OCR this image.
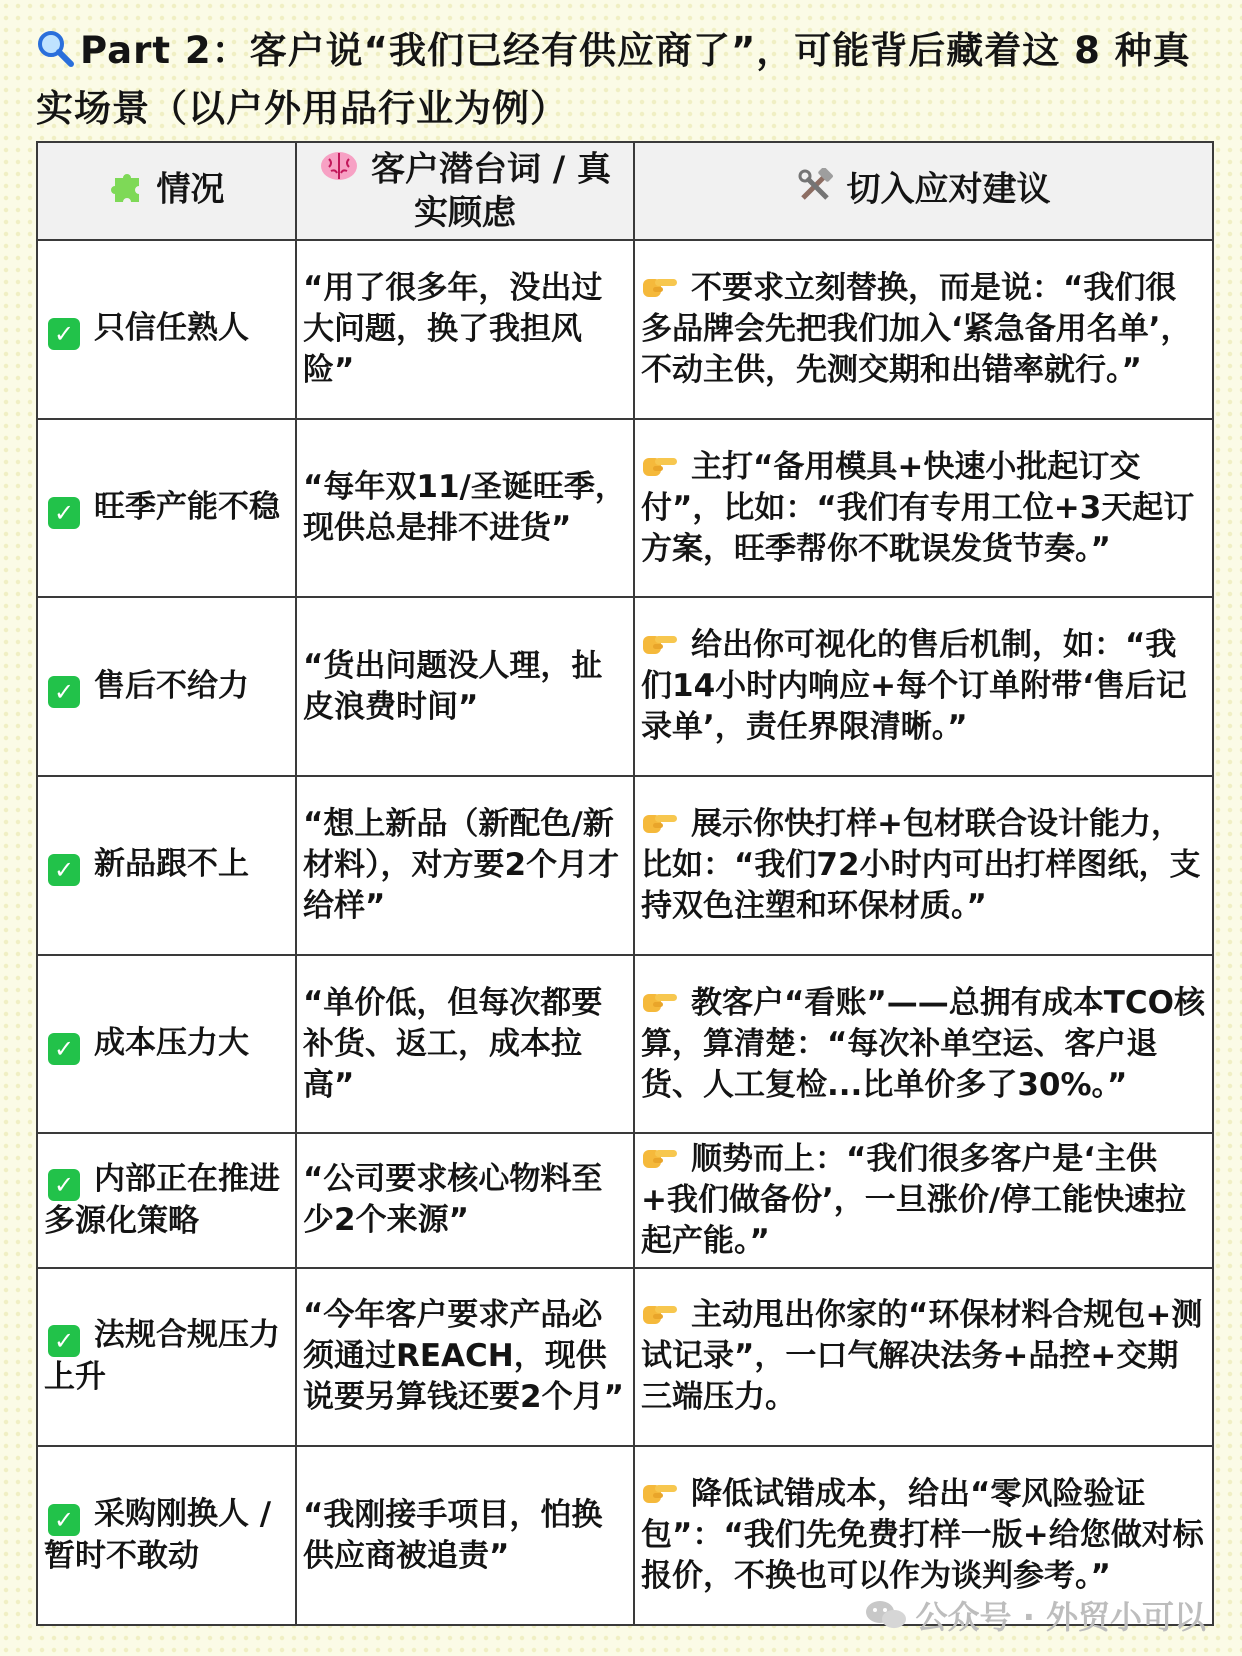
Part 2：客户说“我们已经有供应商了”，可能背后藏着这 8 种真实场景（以户外用品行业为例）
情况	客户潜台词 / 真实顾虑	切入应对建议
✓ 只信任熟人	“用了很多年，没出过大问题，换了我担风险”	不要求立刻替换，而是说：“我们很多品牌会先把我们加入‘紧急备用名单’，不动主供，先测交期和出错率就行。”
✓ 旺季产能不稳	“每年双11/圣诞旺季，现供总是排不进货”	主打“备用模具+快速小批起订交付”，比如：“我们有专用工位+3天起订方案，旺季帮你不耽误发货节奏。”
✓ 售后不给力	“货出问题没人理，扯皮浪费时间”	给出你可视化的售后机制，如：“我们14小时内响应+每个订单附带‘售后记录单’，责任界限清晰。”
✓ 新品跟不上	“想上新品（新配色/新材料），对方要2个月才给样”	展示你快打样+包材联合设计能力，比如：“我们72小时内可出打样图纸，支持双色注塑和环保材质。”
✓ 成本压力大	“单价低，但每次都要补货、返工，成本拉高”	教客户“看账”——总拥有成本TCO核算，算清楚：“每次补单空运、客户退货、人工复检...比单价多了30%。”
✓ 内部正在推进多源化策略	“公司要求核心物料至少2个来源”	顺势而上：“我们很多客户是‘主供+我们做备份’，一旦涨价/停工能快速拉起产能。”
✓ 法规合规压力上升	“今年客户要求产品必须通过REACH，现供说要另算钱还要2个月”	主动甩出你家的“环保材料合规包+测试记录”，一口气解决法务+品控+交期三端压力。
✓ 采购刚换人 / 暂时不敢动	“我刚接手项目，怕换供应商被追责”	降低试错成本，给出“零风险验证包”：“我们先免费打样一版+给您做对标报价，不换也可以作为谈判参考。”
公众号 · 外贸小可以
